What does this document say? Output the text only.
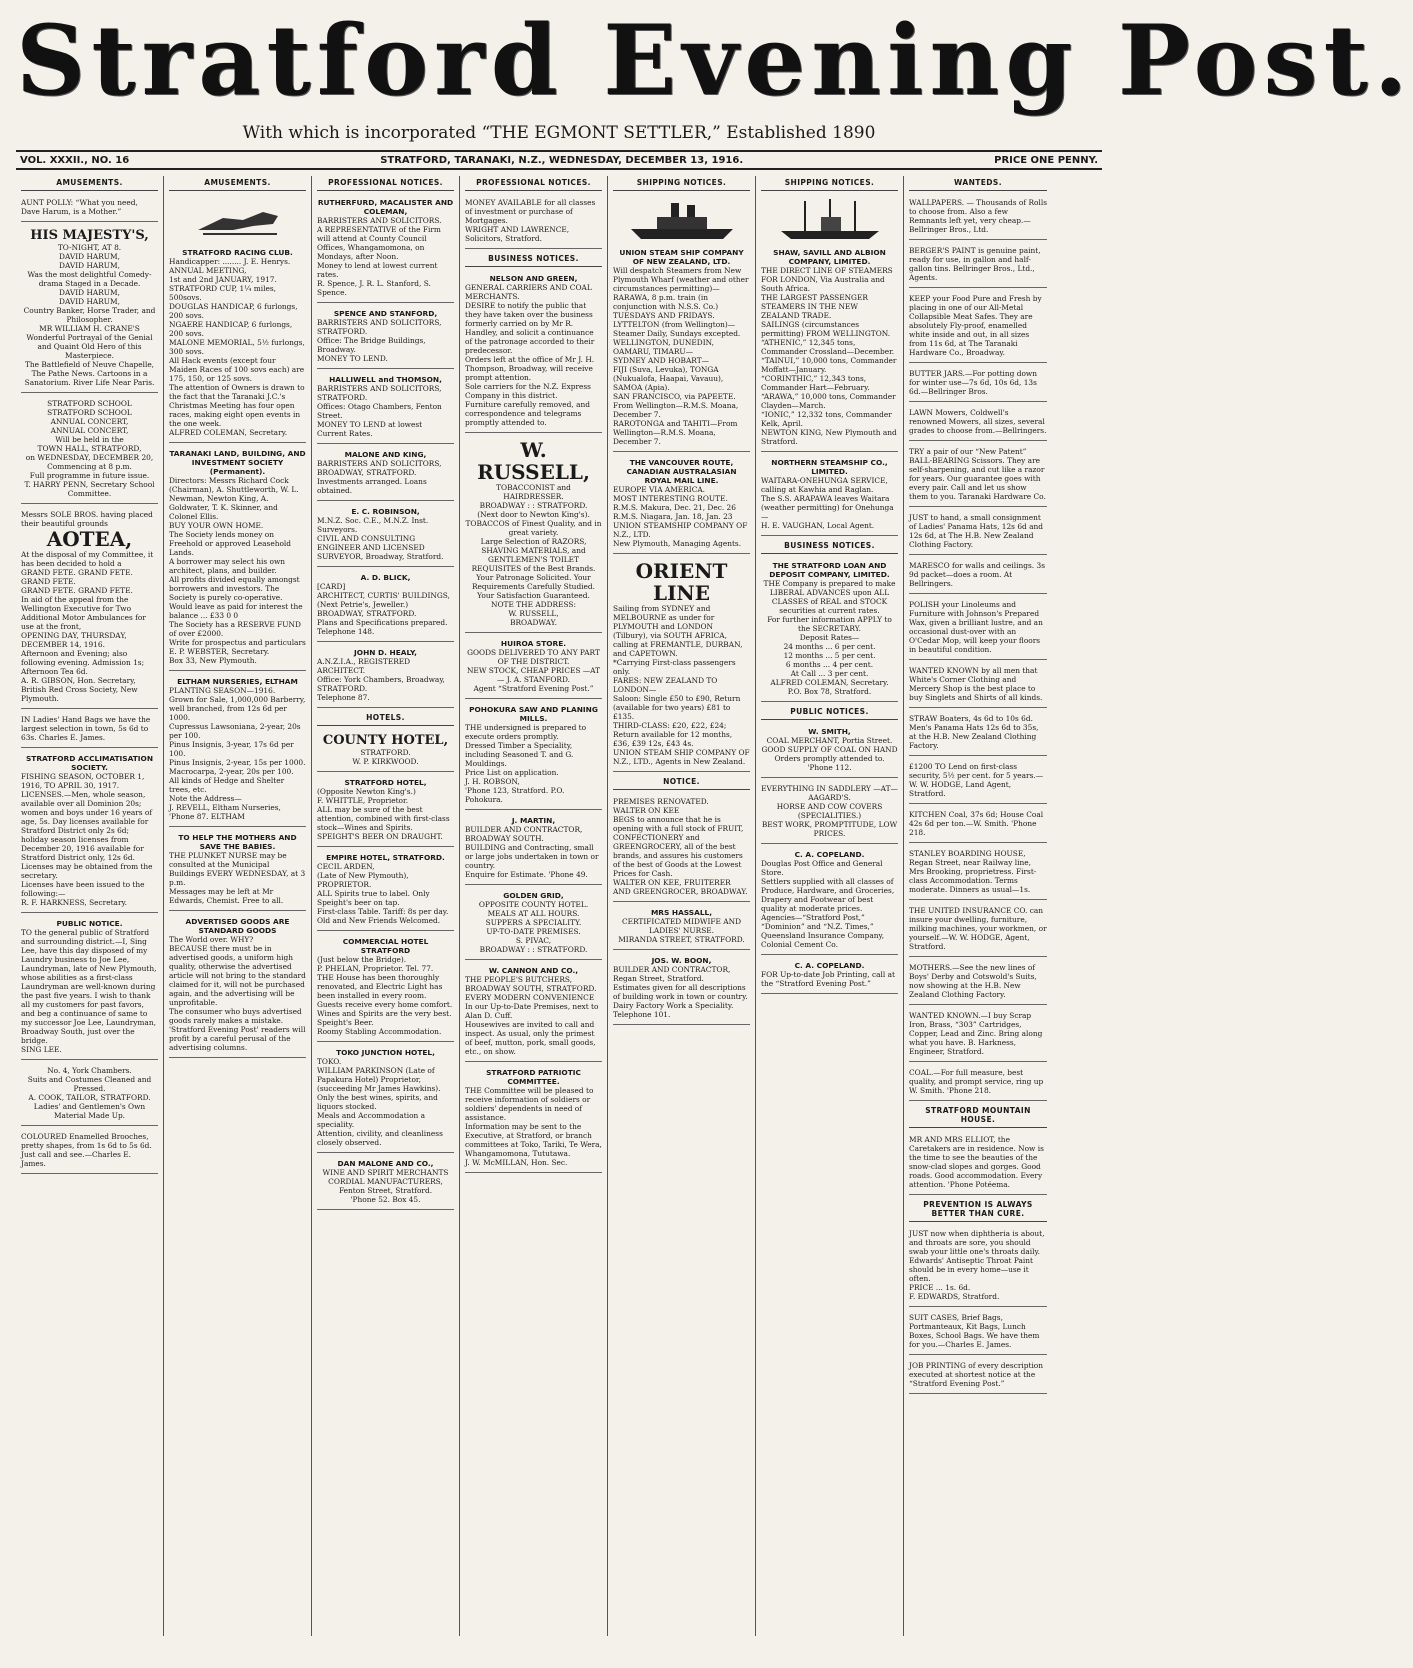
Stratford Evening Post.
With which is incorporated “THE EGMONT SETTLER,” Established 1890
VOL. XXXII., NO. 16	STRATFORD, TARANAKI, N.Z., WEDNESDAY, DECEMBER 13, 1916.	PRICE ONE PENNY.
AMUSEMENTS.

AUNT POLLY: “What you need, Dave Harum, is a Mother.”

HIS MAJESTY'S,

TO-NIGHT, AT 8.

DAVID HARUM,

DAVID HARUM,

Was the most delightful Comedy-drama Staged in a Decade.

DAVID HARUM,

DAVID HARUM,

Country Banker, Horse Trader, and Philosopher.

MR WILLIAM H. CRANE'S Wonderful Portrayal of the Genial and Quaint Old Hero of this Masterpiece.

The Battlefield of Neuve Chapelle, The Pathe News. Cartoons in a Sanatorium. River Life Near Paris.

STRATFORD SCHOOL

STRATFORD SCHOOL

ANNUAL CONCERT,

ANNUAL CONCERT,

Will be held in the

TOWN HALL, STRATFORD,

on WEDNESDAY, DECEMBER 20,

Commencing at 8 p.m.

Full programme in future issue.

T. HARRY PENN, Secretary School Committee.

Messrs SOLE BROS. having placed their beautiful grounds

AOTEA,

At the disposal of my Committee, it has been decided to hold a

GRAND FETE. GRAND FETE.

GRAND FETE.

GRAND FETE. GRAND FETE.

In aid of the appeal from the Wellington Executive for Two Additional Motor Ambulances for use at the front,

OPENING DAY, THURSDAY, DECEMBER 14, 1916.

Afternoon and Evening; also following evening. Admission 1s; Afternoon Tea 6d.

A. R. GIBSON, Hon. Secretary, British Red Cross Society, New Plymouth.

IN Ladies' Hand Bags we have the largest selection in town, 5s 6d to 63s. Charles E. James.

STRATFORD ACCLIMATISATION SOCIETY.

FISHING SEASON, OCTOBER 1, 1916, TO APRIL 30, 1917.

LICENSES.—Men, whole season, available over all Dominion 20s; women and boys under 16 years of age, 5s. Day licenses available for Stratford District only 2s 6d; holiday season licenses from December 20, 1916 available for Stratford District only, 12s 6d. Licenses may be obtained from the secretary.

Licenses have been issued to the following:—

R. F. HARKNESS, Secretary.

PUBLIC NOTICE.

TO the general public of Stratford and surrounding district.—I, Sing Lee, have this day disposed of my Laundry business to Joe Lee, Laundryman, late of New Plymouth, whose abilities as a first-class Laundryman are well-known during the past five years. I wish to thank all my customers for past favors, and beg a continuance of same to my successor Joe Lee, Laundryman, Broadway South, just over the bridge.

SING LEE.

No. 4, York Chambers.

Suits and Costumes Cleaned and Pressed.

A. COOK, TAILOR, STRATFORD.

Ladies' and Gentlemen's Own Material Made Up.

COLOURED Enamelled Brooches, pretty shapes, from 1s 6d to 5s 6d. Just call and see.—Charles E. James.

AMUSEMENTS.

STRATFORD RACING CLUB.

Handicapper: ........ J. E. Henrys.

ANNUAL MEETING,

1st and 2nd JANUARY, 1917.

STRATFORD CUP, 1¼ miles, 500sovs.

DOUGLAS HANDICAP, 6 furlongs, 200 sovs.

NGAERE HANDICAP, 6 furlongs, 200 sovs.

MALONE MEMORIAL, 5½ furlongs, 300 sovs.

All Hack events (except four Maiden Races of 100 sovs each) are 175, 150, or 125 sovs.

The attention of Owners is drawn to the fact that the Taranaki J.C.'s Christmas Meeting has four open races, making eight open events in the one week.

ALFRED COLEMAN, Secretary.

TARANAKI LAND, BUILDING, AND INVESTMENT SOCIETY (Permanent).

Directors: Messrs Richard Cock (Chairman), A. Shuttleworth, W. L. Newman, Newton King, A. Goldwater, T. K. Skinner, and Colonel Ellis.

BUY YOUR OWN HOME.

The Society lends money on Freehold or approved Leasehold Lands.

A borrower may select his own architect, plans, and builder.

All profits divided equally amongst borrowers and investors. The Society is purely co-operative.

Would leave as paid for interest the balance ... £33 0 0

The Society has a RESERVE FUND of over £2000.

Write for prospectus and particulars

E. P. WEBSTER, Secretary.

Box 33, New Plymouth.

ELTHAM NURSERIES, ELTHAM

PLANTING SEASON—1916.

Grown for Sale, 1,000,000 Barberry, well branched, from 12s 6d per 1000.

Cupressus Lawsoniana, 2-year, 20s per 100.

Pinus Insignis, 3-year, 17s 6d per 100.

Pinus Insignis, 2-year, 15s per 1000.

Macrocarpa, 2-year, 20s per 100.

All kinds of Hedge and Shelter trees, etc.

Note the Address—

J. REVELL, Eltham Nurseries,

'Phone 87. ELTHAM

TO HELP THE MOTHERS AND SAVE THE BABIES.

THE PLUNKET NURSE may be consulted at the Municipal Buildings EVERY WEDNESDAY, at 3 p.m.

Messages may be left at Mr Edwards, Chemist. Free to all.

ADVERTISED GOODS ARE STANDARD GOODS

The World over. WHY?

BECAUSE there must be in advertised goods, a uniform high quality, otherwise the advertised article will not bring to the standard claimed for it, will not be purchased again, and the advertising will be unprofitable.

The consumer who buys advertised goods rarely makes a mistake. 'Stratford Evening Post' readers will profit by a careful perusal of the advertising columns.

PROFESSIONAL NOTICES.

RUTHERFURD, MACALISTER AND COLEMAN,

BARRISTERS AND SOLICITORS.

A REPRESENTATIVE of the Firm will attend at County Council Offices, Whangamomona, on Mondays, after Noon.

Money to lend at lowest current rates.

R. Spence, J. R. L. Stanford, S. Spence.

SPENCE AND STANFORD,

BARRISTERS AND SOLICITORS, STRATFORD.

Office: The Bridge Buildings, Broadway.

MONEY TO LEND.

HALLIWELL and THOMSON,

BARRISTERS AND SOLICITORS, STRATFORD.

Offices: Otago Chambers, Fenton Street.

MONEY TO LEND at lowest Current Rates.

MALONE AND KING,

BARRISTERS AND SOLICITORS, BROADWAY, STRATFORD.

Investments arranged. Loans obtained.

E. C. ROBINSON,

M.N.Z. Soc. C.E., M.N.Z. Inst. Surveyors.

CIVIL AND CONSULTING ENGINEER AND LICENSED SURVEYOR, Broadway, Stratford.

A. D. BLICK,

[CARD]

ARCHITECT, CURTIS' BUILDINGS, (Next Petrie's, Jeweller.) BROADWAY, STRATFORD.

Plans and Specifications prepared. Telephone 148.

JOHN D. HEALY,

A.N.Z.I.A., REGISTERED ARCHITECT.

Office: York Chambers, Broadway, STRATFORD.

Telephone 87.

HOTELS.

COUNTY HOTEL,

STRATFORD.

W. P. KIRKWOOD.

STRATFORD HOTEL,

(Opposite Newton King's.)

F. WHITTLE, Proprietor.

ALL may be sure of the best attention, combined with first-class stock—Wines and Spirits.

SPEIGHT'S BEER ON DRAUGHT.

EMPIRE HOTEL, STRATFORD.

CECIL ARDEN,

(Late of New Plymouth), PROPRIETOR.

ALL Spirits true to label. Only Speight's beer on tap.

First-class Table. Tariff: 8s per day. Old and New Friends Welcomed.

COMMERCIAL HOTEL STRATFORD

(Just below the Bridge).

P. PHELAN, Proprietor. Tel. 77.

THE House has been thoroughly renovated, and Electric Light has been installed in every room. Guests receive every home comfort.

Wines and Spirits are the very best. Speight's Beer.

Roomy Stabling Accommodation.

TOKO JUNCTION HOTEL,

TOKO.

WILLIAM PARKINSON (Late of Papakura Hotel) Proprietor, (succeeding Mr James Hawkins).

Only the best wines, spirits, and liquors stocked.

Meals and Accommodation a speciality.

Attention, civility, and cleanliness closely observed.

DAN MALONE AND CO.,

WINE AND SPIRIT MERCHANTS

CORDIAL MANUFACTURERS, Fenton Street, Stratford.

'Phone 52. Box 45.

PROFESSIONAL NOTICES.

MONEY AVAILABLE for all classes of investment or purchase of Mortgages.

WRIGHT AND LAWRENCE, Solicitors, Stratford.

BUSINESS NOTICES.

NELSON AND GREEN,

GENERAL CARRIERS AND COAL MERCHANTS.

DESIRE to notify the public that they have taken over the business formerly carried on by Mr R. Handley, and solicit a continuance of the patronage accorded to their predecessor.

Orders left at the office of Mr J. H. Thompson, Broadway, will receive prompt attention.

Sole carriers for the N.Z. Express Company in this district.

Furniture carefully removed, and correspondence and telegrams promptly attended to.

W. RUSSELL,

TOBACCONIST and HAIRDRESSER.

BROADWAY : : STRATFORD.

(Next door to Newton King's).

TOBACCOS of Finest Quality, and in great variety.

Large Selection of RAZORS, SHAVING MATERIALS, and GENTLEMEN'S TOILET REQUISITES of the Best Brands.

Your Patronage Solicited. Your Requirements Carefully Studied. Your Satisfaction Guaranteed.

NOTE THE ADDRESS:

W. RUSSELL,

BROADWAY.

HUIROA STORE.

GOODS DELIVERED TO ANY PART OF THE DISTRICT.

NEW STOCK, CHEAP PRICES —AT— J. A. STANFORD.

Agent “Stratford Evening Post.”

POHOKURA SAW AND PLANING MILLS.

THE undersigned is prepared to execute orders promptly.

Dressed Timber a Speciality, including Seasoned T. and G. Mouldings.

Price List on application.

J. H. ROBSON,

'Phone 123, Stratford. P.O. Pohokura.

J. MARTIN,

BUILDER AND CONTRACTOR, BROADWAY SOUTH.

BUILDING and Contracting, small or large jobs undertaken in town or country.

Enquire for Estimate. 'Phone 49.

GOLDEN GRID,

OPPOSITE COUNTY HOTEL.

MEALS AT ALL HOURS.

SUPPERS A SPECIALITY.

UP-TO-DATE PREMISES.

S. PIVAC,

BROADWAY : : STRATFORD.

W. CANNON AND CO.,

THE PEOPLE'S BUTCHERS,

BROADWAY SOUTH, STRATFORD.

EVERY MODERN CONVENIENCE In our Up-to-Date Premises, next to Alan D. Cuff.

Housewives are invited to call and inspect. As usual, only the primest of beef, mutton, pork, small goods, etc., on show.

STRATFORD PATRIOTIC COMMITTEE.

THE Committee will be pleased to receive information of soldiers or soldiers' dependents in need of assistance.

Information may be sent to the Executive, at Stratford, or branch committees at Toko, Tariki, Te Wera, Whangamomona, Tututawa.

J. W. McMILLAN, Hon. Sec.

SHIPPING NOTICES.

UNION STEAM SHIP COMPANY OF NEW ZEALAND, LTD.

Will despatch Steamers from New Plymouth Wharf (weather and other circumstances permitting)—

RARAWA, 8 p.m. train (in conjunction with N.S.S. Co.)

TUESDAYS AND FRIDAYS.

LYTTELTON (from Wellington)—Steamer Daily, Sundays excepted.

WELLINGTON, DUNEDIN, OAMARU, TIMARU—

SYDNEY AND HOBART—

FIJI (Suva, Levuka), TONGA (Nukualofa, Haapai, Vavauu), SAMOA (Apia).

SAN FRANCISCO, via PAPEETE. From Wellington—R.M.S. Moana, December 7.

RAROTONGA and TAHITI—From Wellington—R.M.S. Moana, December 7.

THE VANCOUVER ROUTE, CANADIAN AUSTRALASIAN ROYAL MAIL LINE.

EUROPE VIA AMERICA.

MOST INTERESTING ROUTE.

R.M.S. Makura, Dec. 21, Dec. 26

R.M.S. Niagara, Jan. 18, Jan. 23

UNION STEAMSHIP COMPANY OF N.Z., LTD.

New Plymouth, Managing Agents.

ORIENT LINE

Sailing from SYDNEY and MELBOURNE as under for PLYMOUTH and LONDON (Tilbury), via SOUTH AFRICA, calling at FREMANTLE, DURBAN, and CAPETOWN.

*Carrying First-class passengers only.

FARES: NEW ZEALAND TO LONDON—

Saloon: Single £50 to £90, Return (available for two years) £81 to £135.

THIRD-CLASS: £20, £22, £24; Return available for 12 months, £36, £39 12s, £43 4s.

UNION STEAM SHIP COMPANY OF N.Z., LTD., Agents in New Zealand.

NOTICE.

PREMISES RENOVATED.

WALTER ON KEE

BEGS to announce that he is opening with a full stock of FRUIT, CONFECTIONERY and GREENGROCERY, all of the best brands, and assures his customers of the best of Goods at the Lowest Prices for Cash.

WALTER ON KEE, FRUITERER AND GREENGROCER, BROADWAY.

MRS HASSALL,

CERTIFICATED MIDWIFE AND LADIES' NURSE.

MIRANDA STREET, STRATFORD.

JOS. W. BOON,

BUILDER AND CONTRACTOR, Regan Street, Stratford.

Estimates given for all descriptions of building work in town or country.

Dairy Factory Work a Speciality. Telephone 101.

SHIPPING NOTICES.

SHAW, SAVILL AND ALBION COMPANY, LIMITED.

THE DIRECT LINE OF STEAMERS FOR LONDON, Via Australia and South Africa.

THE LARGEST PASSENGER STEAMERS IN THE NEW ZEALAND TRADE.

SAILINGS (circumstances permitting) FROM WELLINGTON.

“ATHENIC,” 12,345 tons, Commander Crossland—December.

“TAINUI,” 10,000 tons, Commander Moffatt—January.

“CORINTHIC,” 12,343 tons, Commander Hart—February.

“ARAWA,” 10,000 tons, Commander Clayden—March.

“IONIC,” 12,332 tons, Commander Kelk, April.

NEWTON KING, New Plymouth and Stratford.

NORTHERN STEAMSHIP CO., LIMITED.

WAITARA-ONEHUNGA SERVICE, calling at Kawhia and Raglan.

The S.S. ARAPAWA leaves Waitara (weather permitting) for Onehunga—

H. E. VAUGHAN, Local Agent.

BUSINESS NOTICES.

THE STRATFORD LOAN AND DEPOSIT COMPANY, LIMITED.

THE Company is prepared to make

LIBERAL ADVANCES upon ALL CLASSES of REAL and STOCK

securities at current rates.

For further information APPLY to the SECRETARY.

Deposit Rates—

24 months ... 6 per cent.

12 months ... 5 per cent.

6 months ... 4 per cent.

At Call ... 3 per cent.

ALFRED COLEMAN, Secretary.

P.O. Box 78, Stratford.

PUBLIC NOTICES.

W. SMITH,

COAL MERCHANT, Portia Street.

GOOD SUPPLY OF COAL ON HAND

Orders promptly attended to.

'Phone 112.

EVERYTHING IN SADDLERY —AT—

AAGARD'S.

HORSE AND COW COVERS (SPECIALITIES.)

BEST WORK, PROMPTITUDE, LOW PRICES.

C. A. COPELAND.

Douglas Post Office and General Store.

Settlers supplied with all classes of Produce, Hardware, and Groceries, Drapery and Footwear of best quality at moderate prices.

Agencies—“Stratford Post,” “Dominion” and “N.Z. Times,” Queensland Insurance Company, Colonial Cement Co.

C. A. COPELAND.

FOR Up-to-date Job Printing, call at the “Stratford Evening Post.”

WANTEDS.
WALLPAPERS. — Thousands of Rolls to choose from. Also a few Remnants left yet, very cheap.—Bellringer Bros., Ltd.
BERGER'S PAINT is genuine paint, ready for use, in gallon and half-gallon tins. Bellringer Bros., Ltd., Agents.
KEEP your Food Pure and Fresh by placing in one of our All-Metal Collapsible Meat Safes. They are absolutely Fly-proof, enamelled white inside and out, in all sizes from 11s 6d, at The Taranaki Hardware Co., Broadway.
BUTTER JARS.—For potting down for winter use—7s 6d, 10s 6d, 13s 6d.—Bellringer Bros.
LAWN Mowers, Coldwell's renowned Mowers, all sizes, several grades to choose from.—Bellringers.
TRY a pair of our “New Patent” BALL-BEARING Scissors. They are self-sharpening, and cut like a razor for years. Our guarantee goes with every pair. Call and let us show them to you. Taranaki Hardware Co.
JUST to hand, a small consignment of Ladies' Panama Hats, 12s 6d and 12s 6d, at The H.B. New Zealand Clothing Factory.
MARESCO for walls and ceilings. 3s 9d packet—does a room. At Bellringers.
POLISH your Linoleums and Furniture with Johnson's Prepared Wax, given a brilliant lustre, and an occasional dust-over with an O'Cedar Mop, will keep your floors in beautiful condition.
WANTED KNOWN by all men that White's Corner Clothing and Mercery Shop is the best place to buy Singlets and Shirts of all kinds.
STRAW Boaters, 4s 6d to 10s 6d. Men's Panama Hats 12s 6d to 35s, at the H.B. New Zealand Clothing Factory.
£1200 TO Lend on first-class security, 5½ per cent. for 5 years.—W. W. HODGE, Land Agent, Stratford.
KITCHEN Coal, 37s 6d; House Coal 42s 6d per ton.—W. Smith. 'Phone 218.
STANLEY BOARDING HOUSE, Regan Street, near Railway line, Mrs Brooking, proprietress. First-class Accommodation. Terms moderate. Dinners as usual—1s.
THE UNITED INSURANCE CO. can insure your dwelling, furniture, milking machines, your workmen, or yourself.—W. W. HODGE, Agent, Stratford.
MOTHERS.—See the new lines of Boys' Derby and Cotswold's Suits, now showing at the H.B. New Zealand Clothing Factory.
WANTED KNOWN.—I buy Scrap Iron, Brass, “303” Cartridges, Copper, Lead and Zinc. Bring along what you have. B. Harkness, Engineer, Stratford.
COAL.—For full measure, best quality, and prompt service, ring up W. Smith. 'Phone 218.
STRATFORD MOUNTAIN HOUSE.

MR AND MRS ELLIOT, the Caretakers are in residence. Now is the time to see the beauties of the snow-clad slopes and gorges. Good roads. Good accommodation. Every attention. 'Phone Potéema.

PREVENTION IS ALWAYS BETTER THAN CURE.

JUST now when diphtheria is about, and throats are sore, you should swab your little one's throats daily.

Edwards' Antiseptic Throat Paint should be in every home—use it often.

PRICE ... 1s. 6d.

F. EDWARDS, Stratford.

SUIT CASES, Brief Bags, Portmanteaux, Kit Bags, Lunch Boxes, School Bags. We have them for you.—Charles E. James.
JOB PRINTING of every description executed at shortest notice at the “Stratford Evening Post.”
